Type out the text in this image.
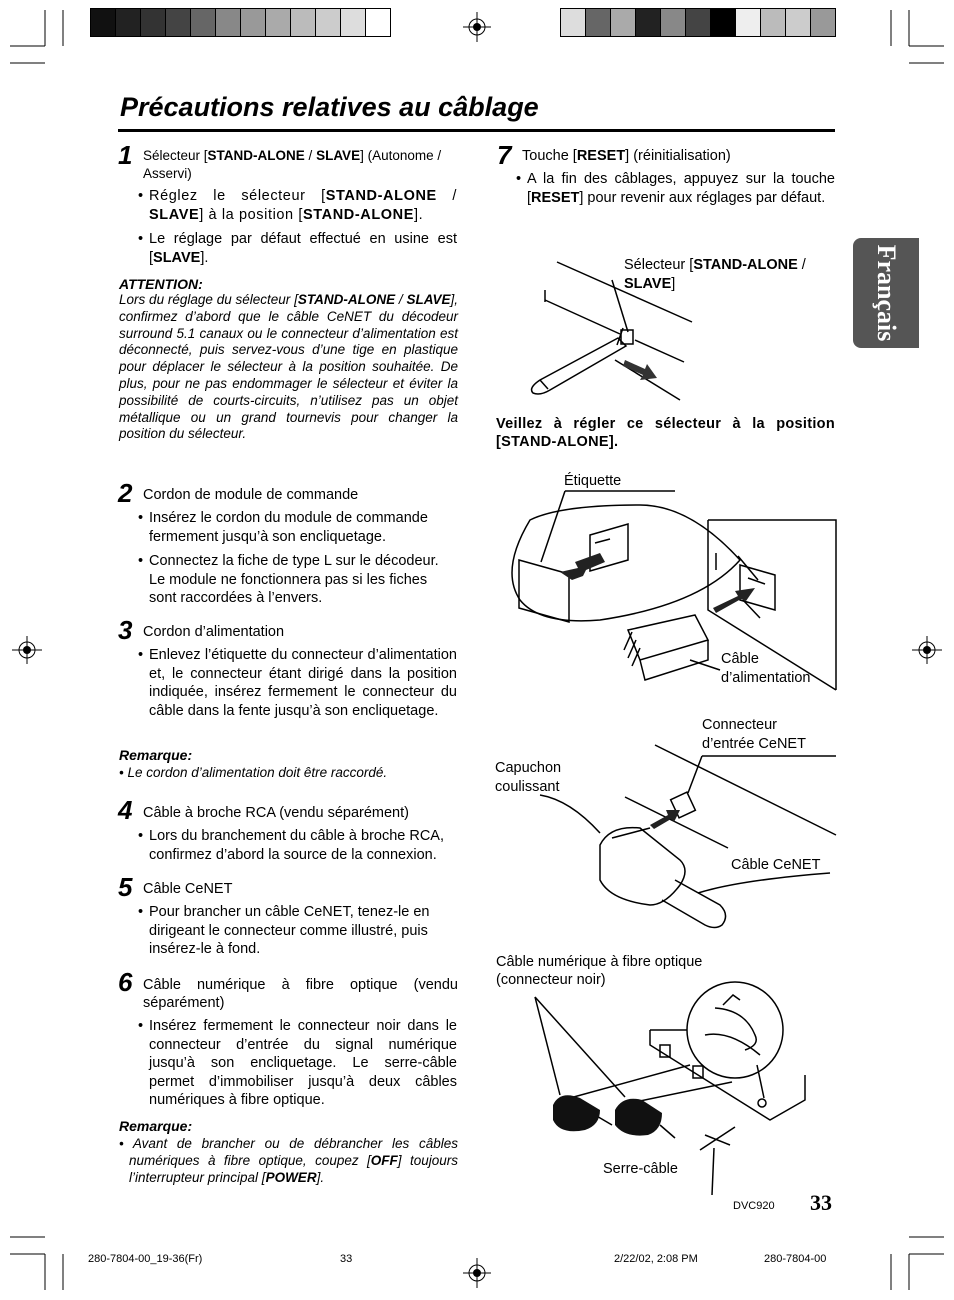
Précautions relatives au câblage
Français
1 Sélecteur [STAND-ALONE / SLAVE] (Autonome / Asservi)
• Réglez le sélecteur [STAND-ALONE / SLAVE] à la position [STAND-ALONE].
• Le réglage par défaut effectué en usine est [SLAVE].
ATTENTION:
Lors du réglage du sélecteur [STAND-ALONE / SLAVE], confirmez d’abord que le câble CeNET du décodeur surround 5.1 canaux ou le connecteur d’alimentation est déconnecté, puis servez-vous d’une tige en plastique pour déplacer le sélecteur à la position souhaitée. De plus, pour ne pas endommager le sélecteur et éviter la possibilité de courts-circuits, n’utilisez pas un objet métallique ou un grand tournevis pour changer la position du sélecteur.
2 Cordon de module de commande
• Insérez le cordon du module de commande fermement jusqu’à son encliquetage.
• Connectez la fiche de type L sur le décodeur. Le module ne fonctionnera pas si les fiches sont raccordées à l’envers.
3 Cordon d’alimentation
• Enlevez l’étiquette du connecteur d’alimentation et, le connecteur étant dirigé dans la position indiquée, insérez fermement le connecteur du câble dans la fente jusqu’à son encliquetage.
Remarque:
• Le cordon d’alimentation doit être raccordé.
4 Câble à broche RCA (vendu séparément)
• Lors du branchement du câble à broche RCA, confirmez d’abord la source de la connexion.
5 Câble CeNET
• Pour brancher un câble CeNET, tenez-le en dirigeant le connecteur comme illustré, puis insérez-le à fond.
6 Câble numérique à fibre optique (vendu séparément)
• Insérez fermement le connecteur noir dans le connecteur d’entrée du signal numérique jusqu’à son encliquetage. Le serre-câble permet d’immobiliser jusqu’à deux câbles numériques à fibre optique.
Remarque:
• Avant de brancher ou de débrancher les câbles numériques à fibre optique, coupez [OFF] toujours l’interrupteur principal [POWER].
7 Touche [RESET] (réinitialisation)
• A la fin des câblages, appuyez sur la touche [RESET] pour revenir aux réglages par défaut.
Sélecteur [STAND-ALONE / SLAVE]
Veillez à régler ce sélecteur à la position [STAND-ALONE].
Étiquette
Câble
d’alimentation
Connecteur
d’entrée CeNET
Capuchon
coulissant
Câble CeNET
Câble numérique à fibre optique
(connecteur noir)
Serre-câble
33
DVC920
280-7804-00_19-36(Fr)	33	2/22/02, 2:08 PM	280-7804-00
